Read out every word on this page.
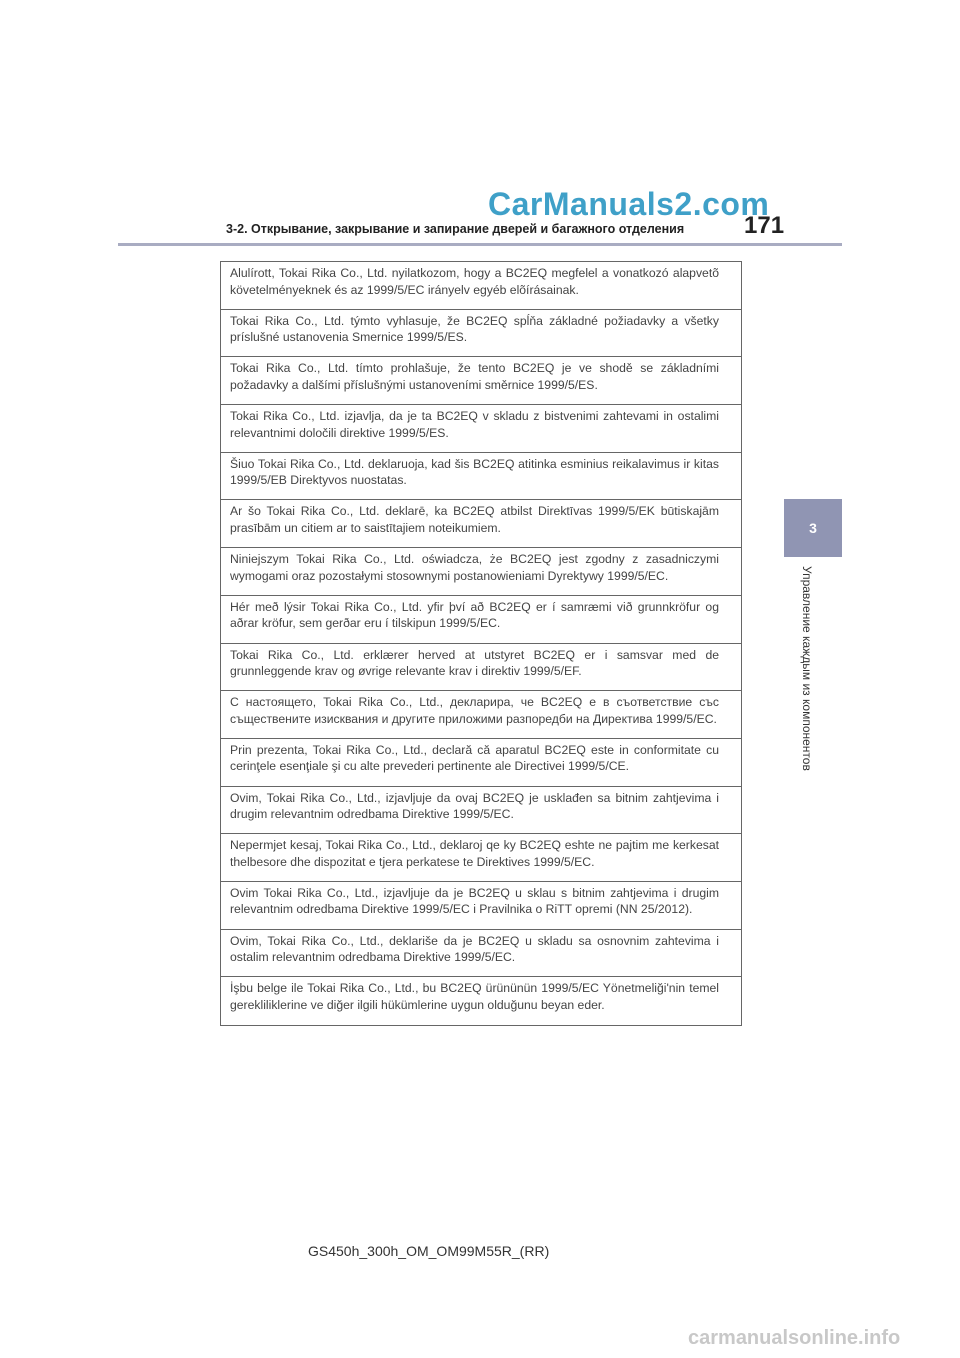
CarManuals2.com
3-2. Открывание, закрывание и запирание дверей и багажного отделения 171
3
Управление каждым из компонентов
Alulírott, Tokai Rika Co., Ltd. nyilatkozom, hogy a BC2EQ megfelel a vonatkozó alapvetõ követelményeknek és az 1999/5/EC irányelv egyéb elõírásainak.
Tokai Rika Co., Ltd. týmto vyhlasuje, že BC2EQ spĺňa základné požiadavky a všetky príslušné ustanovenia Smernice 1999/5/ES.
Tokai Rika Co., Ltd. tímto prohlašuje, že tento BC2EQ je ve shodě se základními požadavky a dalšími příslušnými ustanoveními směrnice 1999/5/ES.
Tokai Rika Co., Ltd. izjavlja, da je ta BC2EQ v skladu z bistvenimi zahtevami in ostalimi relevantnimi določili direktive 1999/5/ES.
Šiuo Tokai Rika Co., Ltd. deklaruoja, kad šis BC2EQ atitinka esminius reikalavimus ir kitas 1999/5/EB Direktyvos nuostatas.
Ar šo Tokai Rika Co., Ltd. deklarē, ka BC2EQ atbilst Direktīvas 1999/5/EK būtiskajām prasībām un citiem ar to saistītajiem noteikumiem.
Niniejszym Tokai Rika Co., Ltd. oświadcza, że BC2EQ jest zgodny z zasadniczymi wymogami oraz pozostałymi stosownymi postanowieniami Dyrektywy 1999/5/EC.
Hér með lýsir Tokai Rika Co., Ltd. yfir því að BC2EQ er í samræmi við grunnkröfur og aðrar kröfur, sem gerðar eru í tilskipun 1999/5/EC.
Tokai Rika Co., Ltd. erklærer herved at utstyret BC2EQ er i samsvar med de grunnleggende krav og øvrige relevante krav i direktiv 1999/5/EF.
С настоящето, Tokai Rika Co., Ltd., декларира, че BC2EQ е в съответствие със съществените изисквания и другите приложими разпоредби на Директива 1999/5/ЕС.
Prin prezenta, Tokai Rika Co., Ltd., declară că aparatul BC2EQ este in conformitate cu cerinţele esenţiale şi cu alte prevederi pertinente ale Directivei 1999/5/CE.
Ovim, Tokai Rika Co., Ltd., izjavljuje da ovaj BC2EQ je usklađen sa bitnim zahtjevima i drugim relevantnim odredbama Direktive 1999/5/EC.
Nepermjet kesaj, Tokai Rika Co., Ltd., deklaroj qe ky BC2EQ eshte ne pajtim me kerkesat thelbesore dhe dispozitat e tjera perkatese te Direktives 1999/5/EC.
Ovim Tokai Rika Co., Ltd., izjavljuje da je BC2EQ u sklau s bitnim zahtjevima i drugim relevantnim odredbama Direktive 1999/5/EC i Pravilnika o RiTT opremi (NN 25/2012).
Ovim, Tokai Rika Co., Ltd., deklariše da je BC2EQ u skladu sa osnovnim zahtevima i ostalim relevantnim odredbama Direktive 1999/5/EC.
İşbu belge ile Tokai Rika Co., Ltd., bu BC2EQ ürününün 1999/5/EC Yönetmeliği'nin temel gerekliliklerine ve diğer ilgili hükümlerine uygun olduğunu beyan eder.
GS450h_300h_OM_OM99M55R_(RR)
carmanualsonline.info
